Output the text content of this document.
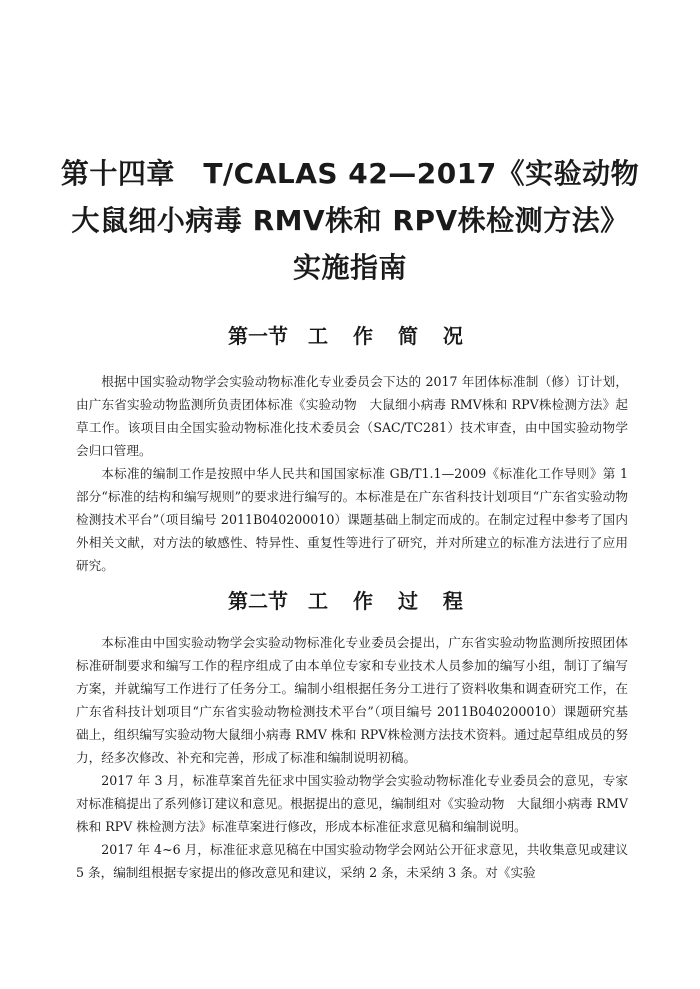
第十四章　T/CALAS 42—2017《实验动物
大鼠细小病毒 RMV株和 RPV株检测方法》
实施指南
第一节　 工 作 简 况

根据中国实验动物学会实验动物标准化专业委员会下达的 2017 年团体标准制（修）订计划，由广东省实验动物监测所负责团体标准《实验动物　大鼠细小病毒 RMV株和 RPV株检测方法》起草工作。该项目由全国实验动物标准化技术委员会（SAC/TC281）技术审查，由中国实验动物学会归口管理。

本标准的编制工作是按照中华人民共和国国家标准 GB/T1.1—2009《标准化工作导则》第 1 部分“标准的结构和编写规则”的要求进行编写的。本标准是在广东省科技计划项目“广东省实验动物检测技术平台”（项目编号 2011B040200010）课题基础上制定而成的。在制定过程中参考了国内外相关文献，对方法的敏感性、特异性、重复性等进行了研究，并对所建立的标准方法进行了应用研究。

第二节　 工 作 过 程

本标准由中国实验动物学会实验动物标准化专业委员会提出，广东省实验动物监测所按照团体标准研制要求和编写工作的程序组成了由本单位专家和专业技术人员参加的编写小组，制订了编写方案，并就编写工作进行了任务分工。编制小组根据任务分工进行了资料收集和调查研究工作，在广东省科技计划项目“广东省实验动物检测技术平台”（项目编号 2011B040200010）课题研究基础上，组织编写实验动物大鼠细小病毒 RMV 株和 RPV株检测方法技术资料。通过起草组成员的努力，经多次修改、补充和完善，形成了标准和编制说明初稿。

2017 年 3 月，标准草案首先征求中国实验动物学会实验动物标准化专业委员会的意见，专家对标准稿提出了系列修订建议和意见。根据提出的意见，编制组对《实验动物　大鼠细小病毒 RMV 株和 RPV 株检测方法》标准草案进行修改，形成本标准征求意见稿和编制说明。

2017 年 4~6 月，标准征求意见稿在中国实验动物学会网站公开征求意见，共收集意见或建议 5 条，编制组根据专家提出的修改意见和建议，采纳 2 条，未采纳 3 条。对《实验
